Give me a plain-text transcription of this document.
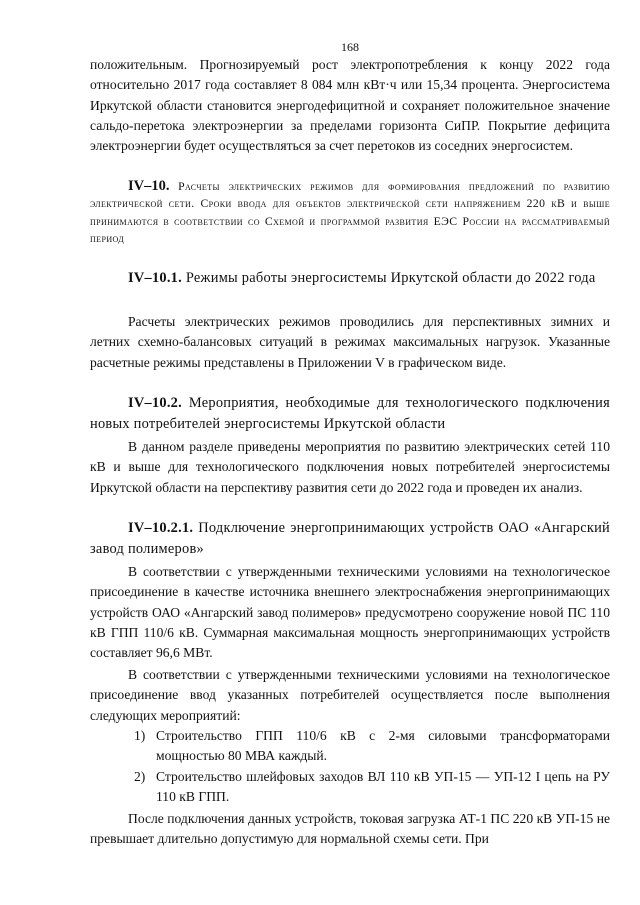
168

положительным. Прогнозируемый рост электропотребления к концу 2022 года относительно 2017 года составляет 8 084 млн кВт·ч или 15,34 процента. Энергосистема Иркутской области становится энергодефицитной и сохраняет положительное значение сальдо-перетока электроэнергии за пределами горизонта СиПР. Покрытие дефицита электроэнергии будет осуществляться за счет перетоков из соседних энергосистем.

IV–10. Расчеты электрических режимов для формирования предложений по развитию электрической сети. Сроки ввода для объектов электрической сети напряжением 220 кВ и выше принимаются в соответствии со Схемой и программой развития ЕЭС России на рассматриваемый период

IV–10.1. Режимы работы энергосистемы Иркутской области до 2022 года

Расчеты электрических режимов проводились для перспективных зимних и летних схемно-балансовых ситуаций в режимах максимальных нагрузок. Указанные расчетные режимы представлены в Приложении V в графическом виде.

IV–10.2. Мероприятия, необходимые для технологического подключения новых потребителей энергосистемы Иркутской области

В данном разделе приведены мероприятия по развитию электрических сетей 110 кВ и выше для технологического подключения новых потребителей энергосистемы Иркутской области на перспективу развития сети до 2022 года и проведен их анализ.

IV–10.2.1. Подключение энергопринимающих устройств ОАО «Ангарский завод полимеров»

В соответствии с утвержденными техническими условиями на технологическое присоединение в качестве источника внешнего электроснабжения энергопринимающих устройств ОАО «Ангарский завод полимеров» предусмотрено сооружение новой ПС 110 кВ ГПП 110/6 кВ. Суммарная максимальная мощность энергопринимающих устройств составляет 96,6 МВт.

В соответствии с утвержденными техническими условиями на технологическое присоединение ввод указанных потребителей осуществляется после выполнения следующих мероприятий:

1) Строительство ГПП 110/6 кВ с 2-мя силовыми трансформаторами мощностью 80 МВА каждый.
2) Строительство шлейфовых заходов ВЛ 110 кВ УП-15 — УП-12 I цепь на РУ 110 кВ ГПП.

После подключения данных устройств, токовая загрузка АТ-1 ПС 220 кВ УП-15 не превышает длительно допустимую для нормальной схемы сети. При
